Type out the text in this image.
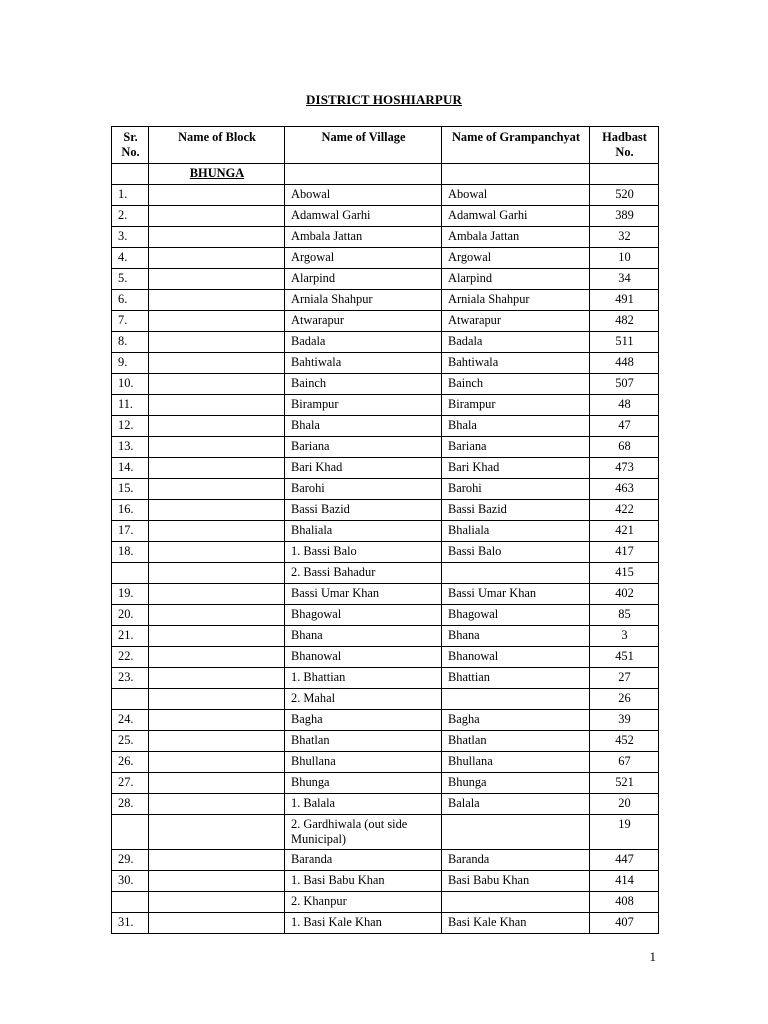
DISTRICT HOSHIARPUR
Sr. No.	Name of Block	Name of Village	Name of Grampanchyat	Hadbast No.
	BHUNGA			
1.		Abowal	Abowal	520
2.		Adamwal Garhi	Adamwal Garhi	389
3.		Ambala Jattan	Ambala Jattan	32
4.		Argowal	Argowal	10
5.		Alarpind	Alarpind	34
6.		Arniala Shahpur	Arniala Shahpur	491
7.		Atwarapur	Atwarapur	482
8.		Badala	Badala	511
9.		Bahtiwala	Bahtiwala	448
10.		Bainch	Bainch	507
11.		Birampur	Birampur	48
12.		Bhala	Bhala	47
13.		Bariana	Bariana	68
14.		Bari Khad	Bari Khad	473
15.		Barohi	Barohi	463
16.		Bassi Bazid	Bassi Bazid	422
17.		Bhaliala	Bhaliala	421
18.		1. Bassi Balo	Bassi Balo	417
		2. Bassi Bahadur		415
19.		Bassi Umar Khan	Bassi Umar Khan	402
20.		Bhagowal	Bhagowal	85
21.		Bhana	Bhana	3
22.		Bhanowal	Bhanowal	451
23.		1. Bhattian	Bhattian	27
		2. Mahal		26
24.		Bagha	Bagha	39
25.		Bhatlan	Bhatlan	452
26.		Bhullana	Bhullana	67
27.		Bhunga	Bhunga	521
28.		1. Balala	Balala	20
		2. Gardhiwala (out side Municipal)		19
29.		Baranda	Baranda	447
30.		1. Basi Babu Khan	Basi Babu Khan	414
		2. Khanpur		408
31.		1. Basi Kale Khan	Basi Kale Khan	407
1
